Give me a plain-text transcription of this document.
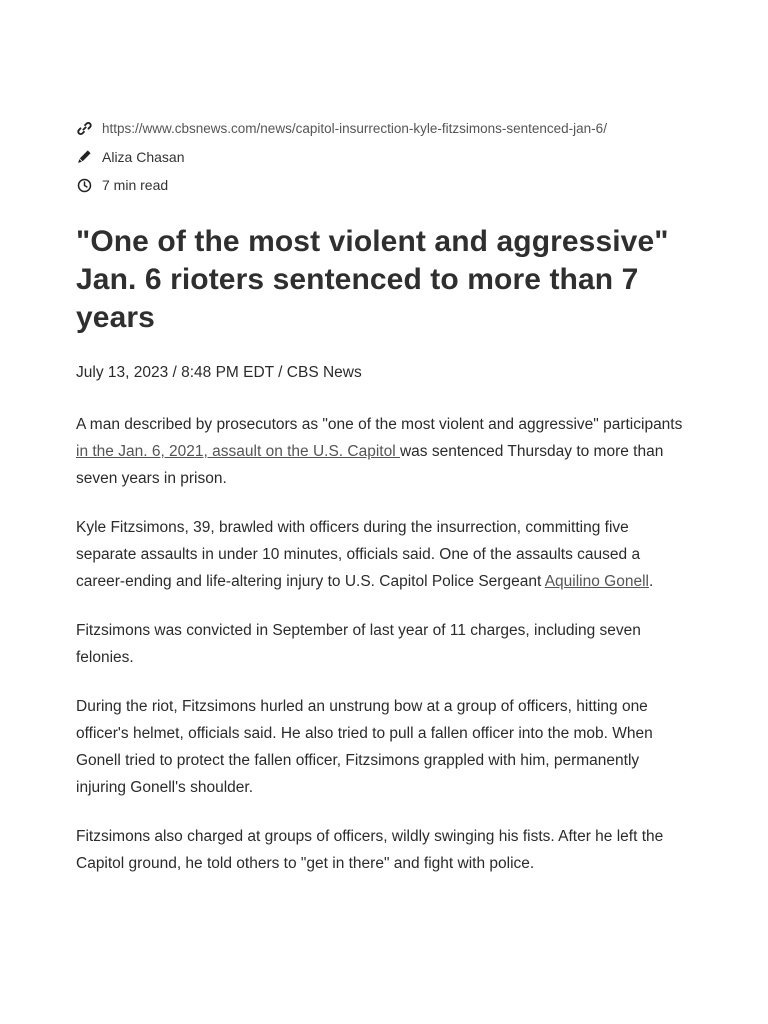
https://www.cbsnews.com/news/capitol-insurrection-kyle-fitzsimons-sentenced-jan-6/
Aliza Chasan
7 min read
"One of the most violent and aggressive" Jan. 6 rioters sentenced to more than 7 years

July 13, 2023 / 8:48 PM EDT / CBS News

A man described by prosecutors as "one of the most violent and aggressive" participants in the Jan. 6, 2021, assault on the U.S. Capitol was sentenced Thursday to more than seven years in prison.

Kyle Fitzsimons, 39, brawled with officers during the insurrection, committing five separate assaults in under 10 minutes, officials said. One of the assaults caused a career-ending and life-altering injury to U.S. Capitol Police Sergeant Aquilino Gonell.

Fitzsimons was convicted in September of last year of 11 charges, including seven felonies.

During the riot, Fitzsimons hurled an unstrung bow at a group of officers, hitting one officer's helmet, officials said. He also tried to pull a fallen officer into the mob. When Gonell tried to protect the fallen officer, Fitzsimons grappled with him, permanently injuring Gonell's shoulder.

Fitzsimons also charged at groups of officers, wildly swinging his fists. After he left the Capitol ground, he told others to "get in there" and fight with police.
